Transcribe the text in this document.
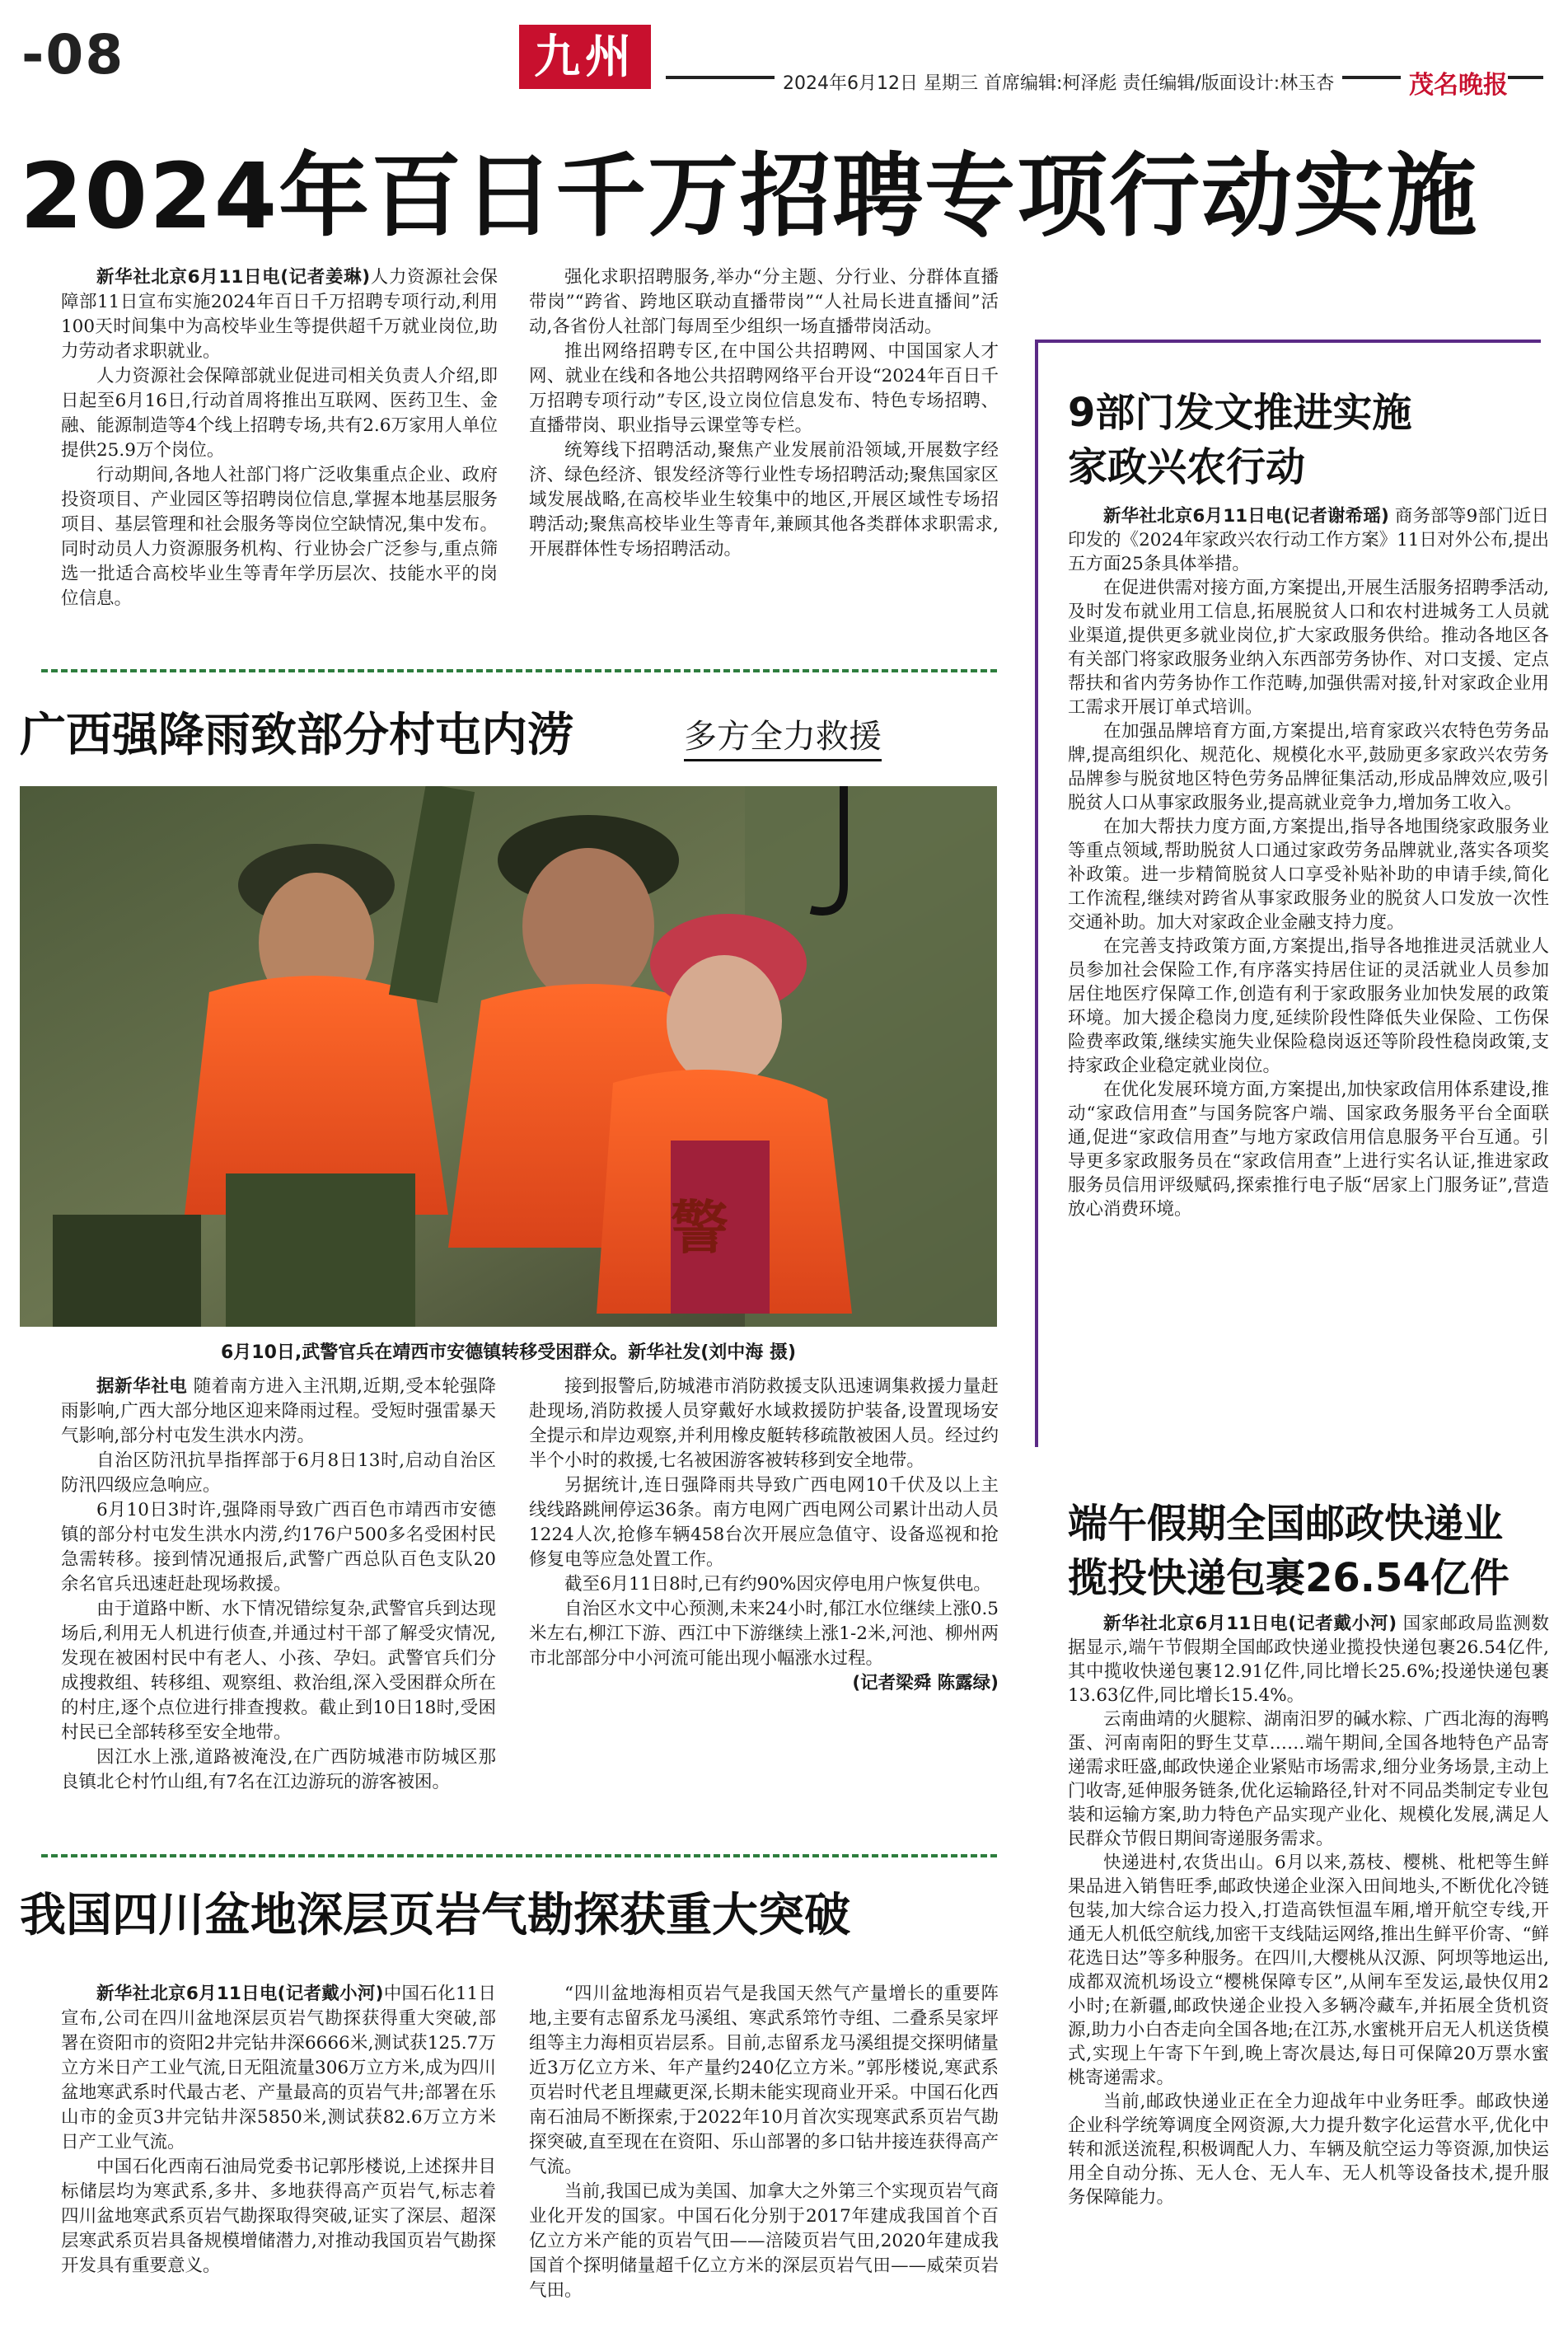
-08	九州	2024年6月12日 星期三 首席编辑:柯泽彪 责任编辑/版面设计:林玉杏	茂名晚报
2024年百日千万招聘专项行动实施

新华社北京6月11日电(记者姜琳)人力资源社会保障部11日宣布实施2024年百日千万招聘专项行动,利用100天时间集中为高校毕业生等提供超千万就业岗位,助力劳动者求职就业。

人力资源社会保障部就业促进司相关负责人介绍,即日起至6月16日,行动首周将推出互联网、医药卫生、金融、能源制造等4个线上招聘专场,共有2.6万家用人单位提供25.9万个岗位。

行动期间,各地人社部门将广泛收集重点企业、政府投资项目、产业园区等招聘岗位信息,掌握本地基层服务项目、基层管理和社会服务等岗位空缺情况,集中发布。同时动员人力资源服务机构、行业协会广泛参与,重点筛选一批适合高校毕业生等青年学历层次、技能水平的岗位信息。

强化求职招聘服务,举办“分主题、分行业、分群体直播带岗”“跨省、跨地区联动直播带岗”“人社局长进直播间”活动,各省份人社部门每周至少组织一场直播带岗活动。

推出网络招聘专区,在中国公共招聘网、中国国家人才网、就业在线和各地公共招聘网络平台开设“2024年百日千万招聘专项行动”专区,设立岗位信息发布、特色专场招聘、直播带岗、职业指导云课堂等专栏。

统筹线下招聘活动,聚焦产业发展前沿领域,开展数字经济、绿色经济、银发经济等行业性专场招聘活动;聚焦国家区域发展战略,在高校毕业生较集中的地区,开展区域性专场招聘活动;聚焦高校毕业生等青年,兼顾其他各类群体求职需求,开展群体性专场招聘活动。

广西强降雨致部分村屯内涝	多方全力救援
警
6月10日,武警官兵在靖西市安德镇转移受困群众。新华社发(刘中海 摄)

据新华社电 随着南方进入主汛期,近期,受本轮强降雨影响,广西大部分地区迎来降雨过程。受短时强雷暴天气影响,部分村屯发生洪水内涝。

自治区防汛抗旱指挥部于6月8日13时,启动自治区防汛四级应急响应。

6月10日3时许,强降雨导致广西百色市靖西市安德镇的部分村屯发生洪水内涝,约176户500多名受困村民急需转移。接到情况通报后,武警广西总队百色支队20余名官兵迅速赶赴现场救援。

由于道路中断、水下情况错综复杂,武警官兵到达现场后,利用无人机进行侦查,并通过村干部了解受灾情况,发现在被困村民中有老人、小孩、孕妇。武警官兵们分成搜救组、转移组、观察组、救治组,深入受困群众所在的村庄,逐个点位进行排查搜救。截止到10日18时,受困村民已全部转移至安全地带。

因江水上涨,道路被淹没,在广西防城港市防城区那良镇北仑村竹山组,有7名在江边游玩的游客被困。

接到报警后,防城港市消防救援支队迅速调集救援力量赶赴现场,消防救援人员穿戴好水域救援防护装备,设置现场安全提示和岸边观察,并利用橡皮艇转移疏散被困人员。经过约半个小时的救援,七名被困游客被转移到安全地带。

另据统计,连日强降雨共导致广西电网10千伏及以上主线线路跳闸停运36条。南方电网广西电网公司累计出动人员1224人次,抢修车辆458台次开展应急值守、设备巡视和抢修复电等应急处置工作。

截至6月11日8时,已有约90%因灾停电用户恢复供电。

自治区水文中心预测,未来24小时,郁江水位继续上涨0.5米左右,柳江下游、西江中下游继续上涨1-2米,河池、柳州两市北部部分中小河流可能出现小幅涨水过程。

(记者梁舜 陈露绿)

我国四川盆地深层页岩气勘探获重大突破

新华社北京6月11日电(记者戴小河)中国石化11日宣布,公司在四川盆地深层页岩气勘探获得重大突破,部署在资阳市的资阳2井完钻井深6666米,测试获125.7万立方米日产工业气流,日无阻流量306万立方米,成为四川盆地寒武系时代最古老、产量最高的页岩气井;部署在乐山市的金页3井完钻井深5850米,测试获82.6万立方米日产工业气流。

中国石化西南石油局党委书记郭彤楼说,上述探井目标储层均为寒武系,多井、多地获得高产页岩气,标志着四川盆地寒武系页岩气勘探取得突破,证实了深层、超深层寒武系页岩具备规模增储潜力,对推动我国页岩气勘探开发具有重要意义。

“四川盆地海相页岩气是我国天然气产量增长的重要阵地,主要有志留系龙马溪组、寒武系筇竹寺组、二叠系吴家坪组等主力海相页岩层系。目前,志留系龙马溪组提交探明储量近3万亿立方米、年产量约240亿立方米。”郭彤楼说,寒武系页岩时代老且埋藏更深,长期未能实现商业开采。中国石化西南石油局不断探索,于2022年10月首次实现寒武系页岩气勘探突破,直至现在在资阳、乐山部署的多口钻井接连获得高产气流。

当前,我国已成为美国、加拿大之外第三个实现页岩气商业化开发的国家。中国石化分别于2017年建成我国首个百亿立方米产能的页岩气田——涪陵页岩气田,2020年建成我国首个探明储量超千亿立方米的深层页岩气田——威荣页岩气田。

9部门发文推进实施
家政兴农行动

新华社北京6月11日电(记者谢希瑶) 商务部等9部门近日印发的《2024年家政兴农行动工作方案》11日对外公布,提出五方面25条具体举措。

在促进供需对接方面,方案提出,开展生活服务招聘季活动,及时发布就业用工信息,拓展脱贫人口和农村进城务工人员就业渠道,提供更多就业岗位,扩大家政服务供给。推动各地区各有关部门将家政服务业纳入东西部劳务协作、对口支援、定点帮扶和省内劳务协作工作范畴,加强供需对接,针对家政企业用工需求开展订单式培训。

在加强品牌培育方面,方案提出,培育家政兴农特色劳务品牌,提高组织化、规范化、规模化水平,鼓励更多家政兴农劳务品牌参与脱贫地区特色劳务品牌征集活动,形成品牌效应,吸引脱贫人口从事家政服务业,提高就业竞争力,增加务工收入。

在加大帮扶力度方面,方案提出,指导各地围绕家政服务业等重点领域,帮助脱贫人口通过家政劳务品牌就业,落实各项奖补政策。进一步精简脱贫人口享受补贴补助的申请手续,简化工作流程,继续对跨省从事家政服务业的脱贫人口发放一次性交通补助。加大对家政企业金融支持力度。

在完善支持政策方面,方案提出,指导各地推进灵活就业人员参加社会保险工作,有序落实持居住证的灵活就业人员参加居住地医疗保障工作,创造有利于家政服务业加快发展的政策环境。加大援企稳岗力度,延续阶段性降低失业保险、工伤保险费率政策,继续实施失业保险稳岗返还等阶段性稳岗政策,支持家政企业稳定就业岗位。

在优化发展环境方面,方案提出,加快家政信用体系建设,推动“家政信用查”与国务院客户端、国家政务服务平台全面联通,促进“家政信用查”与地方家政信用信息服务平台互通。引导更多家政服务员在“家政信用查”上进行实名认证,推进家政服务员信用评级赋码,探索推行电子版“居家上门服务证”,营造放心消费环境。

端午假期全国邮政快递业
揽投快递包裹26.54亿件

新华社北京6月11日电(记者戴小河) 国家邮政局监测数据显示,端午节假期全国邮政快递业揽投快递包裹26.54亿件,其中揽收快递包裹12.91亿件,同比增长25.6%;投递快递包裹13.63亿件,同比增长15.4%。

云南曲靖的火腿粽、湖南汨罗的碱水粽、广西北海的海鸭蛋、河南南阳的野生艾草……端午期间,全国各地特色产品寄递需求旺盛,邮政快递企业紧贴市场需求,细分业务场景,主动上门收寄,延伸服务链条,优化运输路径,针对不同品类制定专业包装和运输方案,助力特色产品实现产业化、规模化发展,满足人民群众节假日期间寄递服务需求。

快递进村,农货出山。6月以来,荔枝、樱桃、枇杷等生鲜果品进入销售旺季,邮政快递企业深入田间地头,不断优化冷链包装,加大综合运力投入,打造高铁恒温车厢,增开航空专线,开通无人机低空航线,加密干支线陆运网络,推出生鲜平价寄、“鲜花选日达”等多种服务。在四川,大樱桃从汉源、阿坝等地运出,成都双流机场设立“樱桃保障专区”,从闸车至发运,最快仅用2小时;在新疆,邮政快递企业投入多辆冷藏车,并拓展全货机资源,助力小白杏走向全国各地;在江苏,水蜜桃开启无人机送货模式,实现上午寄下午到,晚上寄次晨达,每日可保障20万票水蜜桃寄递需求。

当前,邮政快递业正在全力迎战年中业务旺季。邮政快递企业科学统筹调度全网资源,大力提升数字化运营水平,优化中转和派送流程,积极调配人力、车辆及航空运力等资源,加快运用全自动分拣、无人仓、无人车、无人机等设备技术,提升服务保障能力。
